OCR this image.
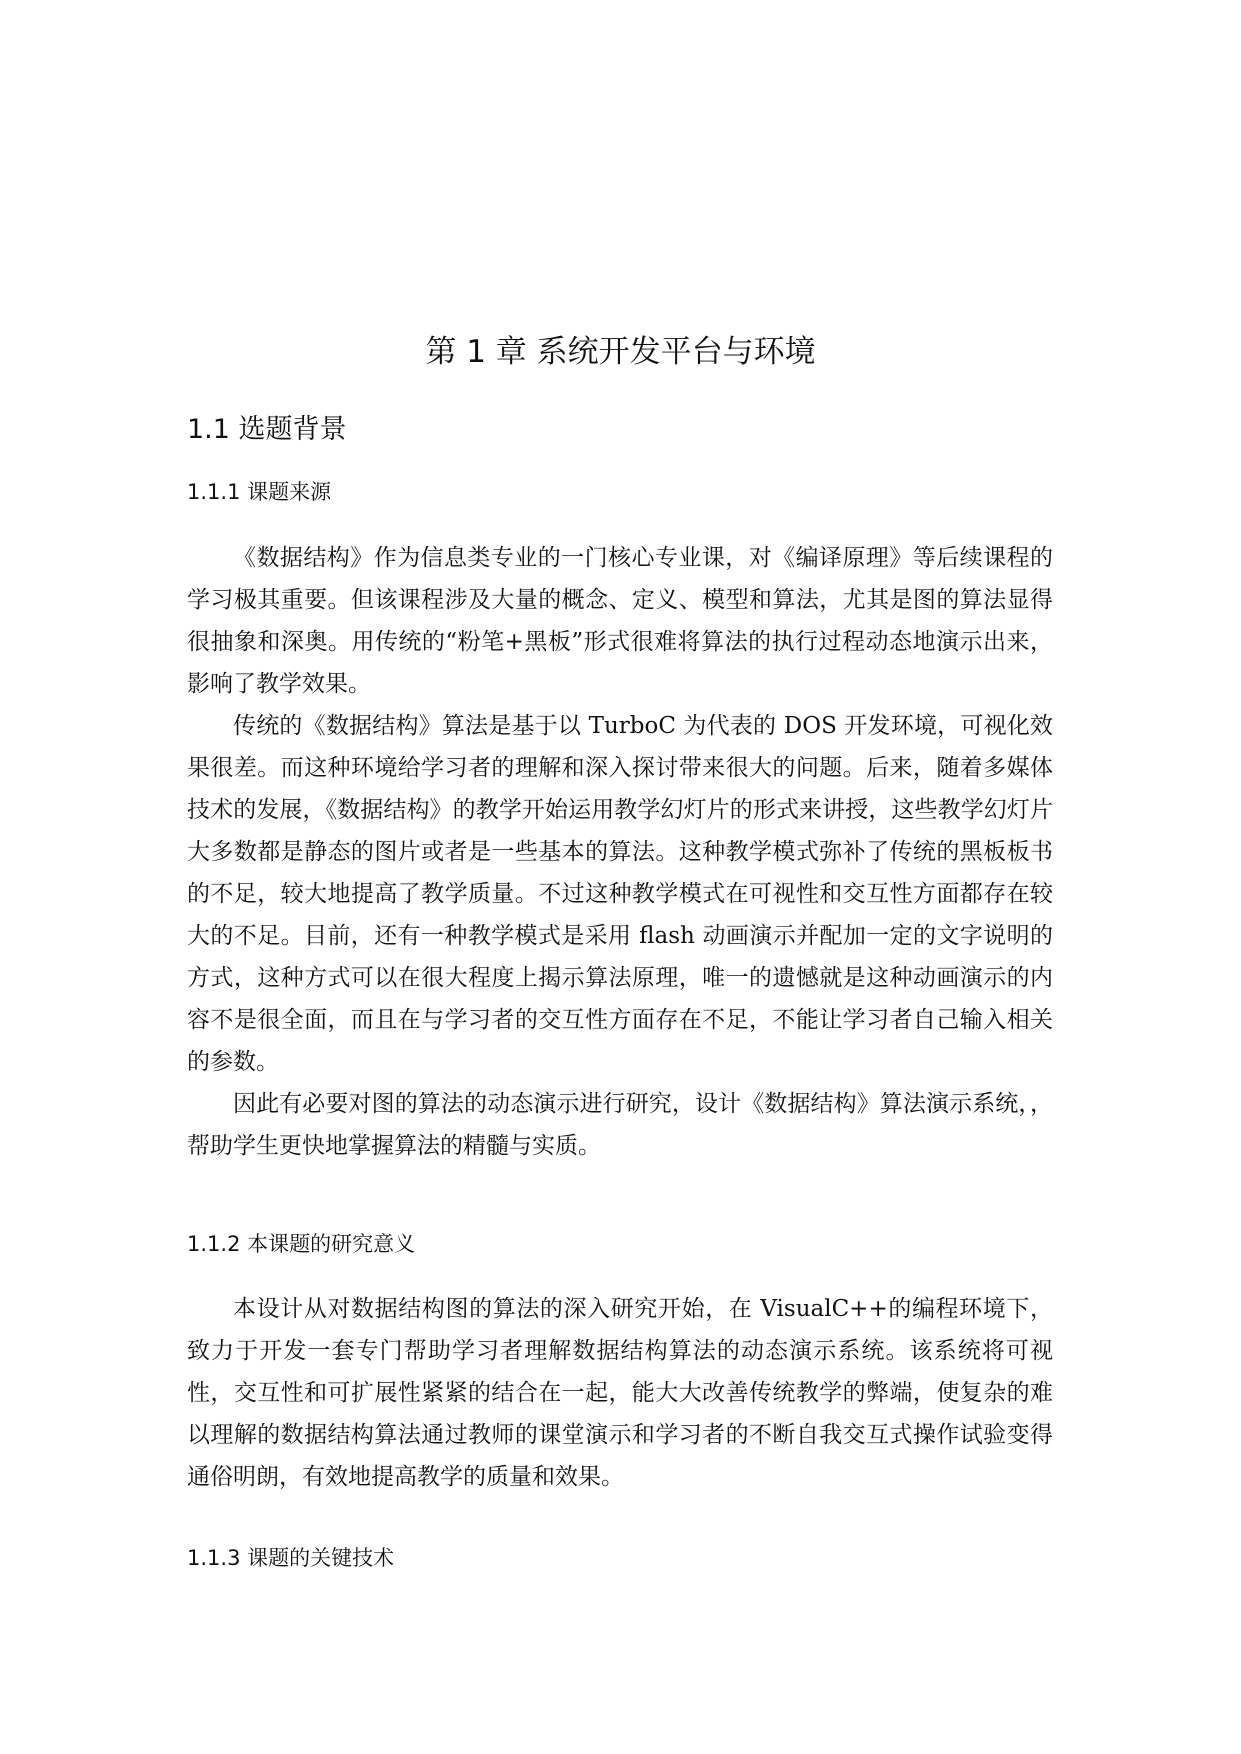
第 1 章 系统开发平台与环境
1.1 选题背景
1.1.1 课题来源

《数据结构》作为信息类专业的一门核心专业课，对《编译原理》等后续课程的学习极其重要。但该课程涉及大量的概念、定义、模型和算法，尤其是图的算法显得很抽象和深奥。用传统的“粉笔+黑板”形式很难将算法的执行过程动态地演示出来，影响了教学效果。

传统的《数据结构》算法是基于以 TurboC 为代表的 DOS 开发环境，可视化效果很差。而这种环境给学习者的理解和深入探讨带来很大的问题。后来，随着多媒体技术的发展，《数据结构》的教学开始运用教学幻灯片的形式来讲授，这些教学幻灯片大多数都是静态的图片或者是一些基本的算法。这种教学模式弥补了传统的黑板板书的不足，较大地提高了教学质量。不过这种教学模式在可视性和交互性方面都存在较大的不足。目前，还有一种教学模式是采用 flash 动画演示并配加一定的文字说明的方式，这种方式可以在很大程度上揭示算法原理，唯一的遗憾就是这种动画演示的内容不是很全面，而且在与学习者的交互性方面存在不足，不能让学习者自己输入相关的参数。

因此有必要对图的算法的动态演示进行研究，设计《数据结构》算法演示系统，，帮助学生更快地掌握算法的精髓与实质。

1.1.2 本课题的研究意义

本设计从对数据结构图的算法的深入研究开始，在 VisualC++的编程环境下，致力于开发一套专门帮助学习者理解数据结构算法的动态演示系统。该系统将可视性，交互性和可扩展性紧紧的结合在一起，能大大改善传统教学的弊端，使复杂的难以理解的数据结构算法通过教师的课堂演示和学习者的不断自我交互式操作试验变得通俗明朗，有效地提高教学的质量和效果。

1.1.3 课题的关键技术
